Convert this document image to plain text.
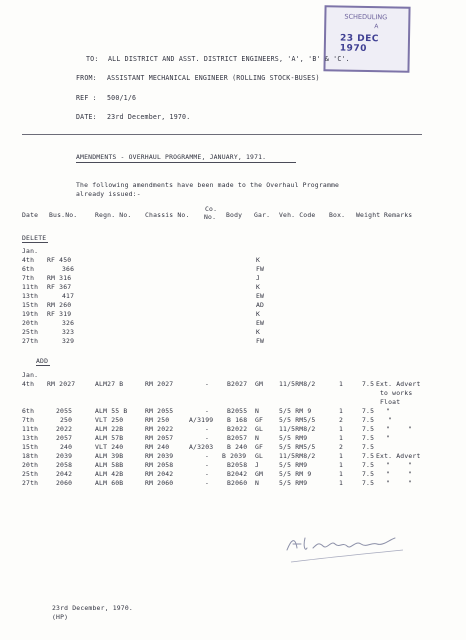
SCHEDULING
A
23 DEC 1970
TO: ALL DISTRICT AND ASST. DISTRICT ENGINEERS, 'A', 'B' & 'C'.
FROM: ASSISTANT MECHANICAL ENGINEER (ROLLING STOCK-BUSES)
REF : 500/1/6
DATE: 23rd December, 1970.
AMENDMENTS - OVERHAUL PROGRAMME, JANUARY, 1971.
The following amendments have been made to the Overhaul Programme
already issued:-
Date Bus.No.	Regn. No. Chassis No.
Co.
No. Body Gar. Veh. Code Box. Weight Remarks
DELETE
Jan.
4th RF 450	K
6th	366	FW
7th RM 316	J
11th RF 367	K
13th	417	EW
15th RM 260	AD
19th RF 319	K
20th	326	EW
25th	323	K
27th	329	FW
ADD
Jan.
4th RM 2027	ALM27 B	RM 2027	-	B2027 GM 11/5RM8/2	1	7.5 Ext. Advert
to works
Float
6th	2055	ALM 55 B	RM 2055	-	B2055 N	5/5 RM 9	1	7.5 "
7th	250	VLT 250	RM 250	A/3199 B 168 GF 5/5 RM5/5	2	7.5 "
11th	2022	ALM 22B	RM 2022	-	B2022 GL 11/5RM8/2	1	7.5 "	"
13th	2057	ALM 57B	RM 2057	-	B2057 N	5/5 RM9	1	7.5 "
15th	240	VLT 240	RM 240	A/3203 B 240 GF 5/5 RM5/5	2	7.5
18th	2039	ALM 39B	RM 2039	- B 2039 GL 11/5RM8/2	1	7.5 Ext. Advert
20th	2058	ALM 58B	RM 2058	-	B2058 J	5/5 RM9	1	7.5 "	"
25th	2042	ALM 42B	RM 2042	-	B2042 GM 5/5 RM 9	1	7.5 "	"
27th	2060	ALM 60B	RM 2060	-	B2060 N	5/5 RM9	1	7.5 "	"
23rd December, 1970.
(HP)
